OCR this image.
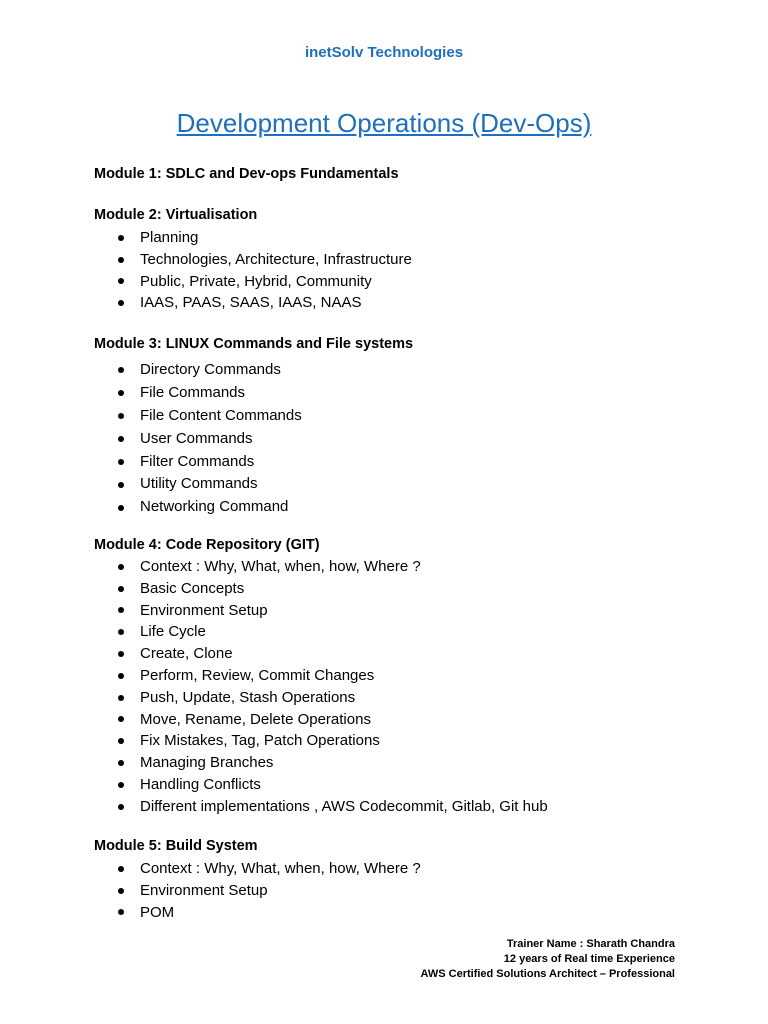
inetSolv Technologies
Development Operations (Dev-Ops)
Module 1: SDLC and Dev-ops Fundamentals
Module 2: Virtualisation
Planning
Technologies, Architecture, Infrastructure
Public, Private, Hybrid, Community
IAAS, PAAS, SAAS, IAAS, NAAS
Module 3: LINUX Commands and File systems
Directory Commands
File Commands
File Content Commands
User Commands
Filter Commands
Utility Commands
Networking Command
Module 4: Code Repository (GIT)
Context : Why, What, when, how, Where ?
Basic Concepts
Environment Setup
Life Cycle
Create, Clone
Perform, Review, Commit Changes
Push, Update, Stash Operations
Move, Rename, Delete Operations
Fix Mistakes, Tag, Patch Operations
Managing Branches
Handling Conflicts
Different implementations , AWS Codecommit, Gitlab, Git hub
Module 5: Build System
Context : Why, What, when, how, Where ?
Environment Setup
POM
Trainer Name : Sharath Chandra
12 years of Real time Experience
AWS Certified Solutions Architect – Professional
